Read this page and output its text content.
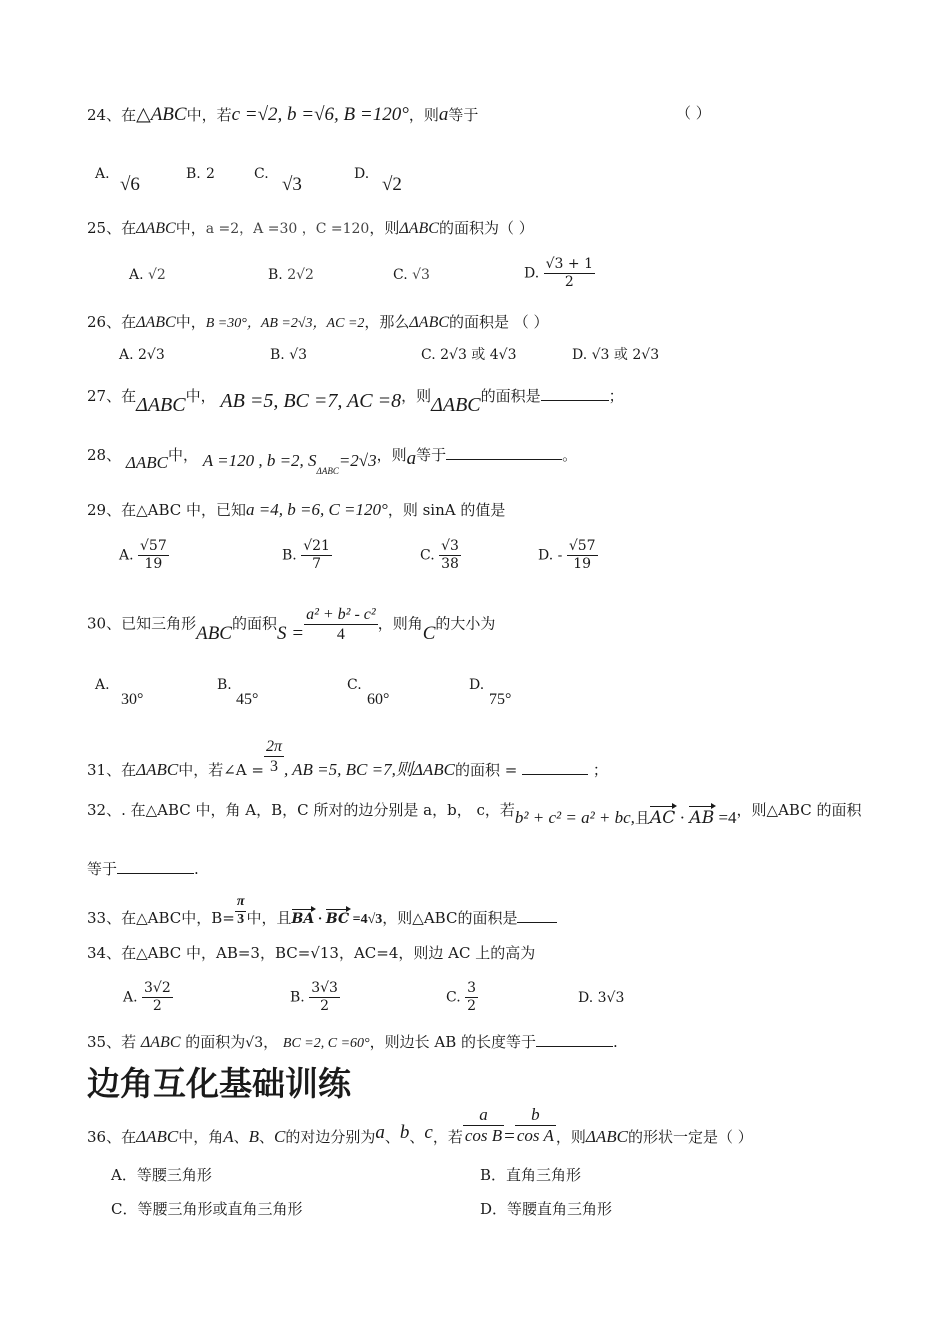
24、在△ABC中，若c =√2, b =√6, B =120°，则a等于	（ ）
A. √6	B. 2	C. √3	D. √2
25、在ΔABC中，a =2，A =30 ，C =120，则ΔABC的面积为（ ）
A. √2	B. 2√2	C. √3	D. $\frac{√3 + 1}{2}$
26、在ΔABC中，B =30°，AB =2√3，AC =2，那么ΔABC的面积是 （ ）
A. 2√3	B. √3	C. 2√3 或 4√3	D. √3 或 2√3
27、在ΔABC中， AB =5, BC =7, AC =8，则ΔABC的面积是	；
28、 ΔABC中， A =120 , b =2, $S_{\Delta ABC}=2√3$，则a等于	。
29、在△ABC 中，已知a =4, b =6, C =120°，则 sinA 的值是
A. $\frac{√57}{19}$	B. $\frac{√21}{7}$	C. $\frac{√3}{38}$	D. - $\frac{√57}{19}$
30、已知三角形ABC的面积$S = \frac{\text{a² + b² - c²}}{4}$ ，则角C的大小为
A.
30°
B.
45°
C.
60°
D.
75°
31、在ΔABC中，若∠A = $\frac{2\pi}{3}$ , AB =5, BC =7,则ΔABC的面积 =	；
32、. 在△ABC 中，角 A，B，C 所对的边分别是 a，b， c，若b² + c² = a² + bc,且AC · AB =4，则△ABC 的面积
等于	.
33、在△ABC中，$B= \frac{\pi}{3}$ 中，且BA · BC =4√3，则△ABC的面积是
34、在△ABC 中，AB=3，BC=√13，AC=4，则边 AC 上的高为
A. $\frac{3√2}{2}$	B. $\frac{3√3}{2}$	C. $\frac{3}{2}$	D. 3√3
35、若 ΔABC 的面积为√3， BC =2, C =60°，则边长 AB 的长度等于	.
边角互化基础训练
36、在ΔABC中，角A、B、C的对边分别为a、b、c，若 $\frac{a}{\text{cos B}} = \frac{b}{\text{cos A}}$ ，则ΔABC的形状一定是（ ）
A．等腰三角形	B．直角三角形
C．等腰三角形或直角三角形	D．等腰直角三角形
